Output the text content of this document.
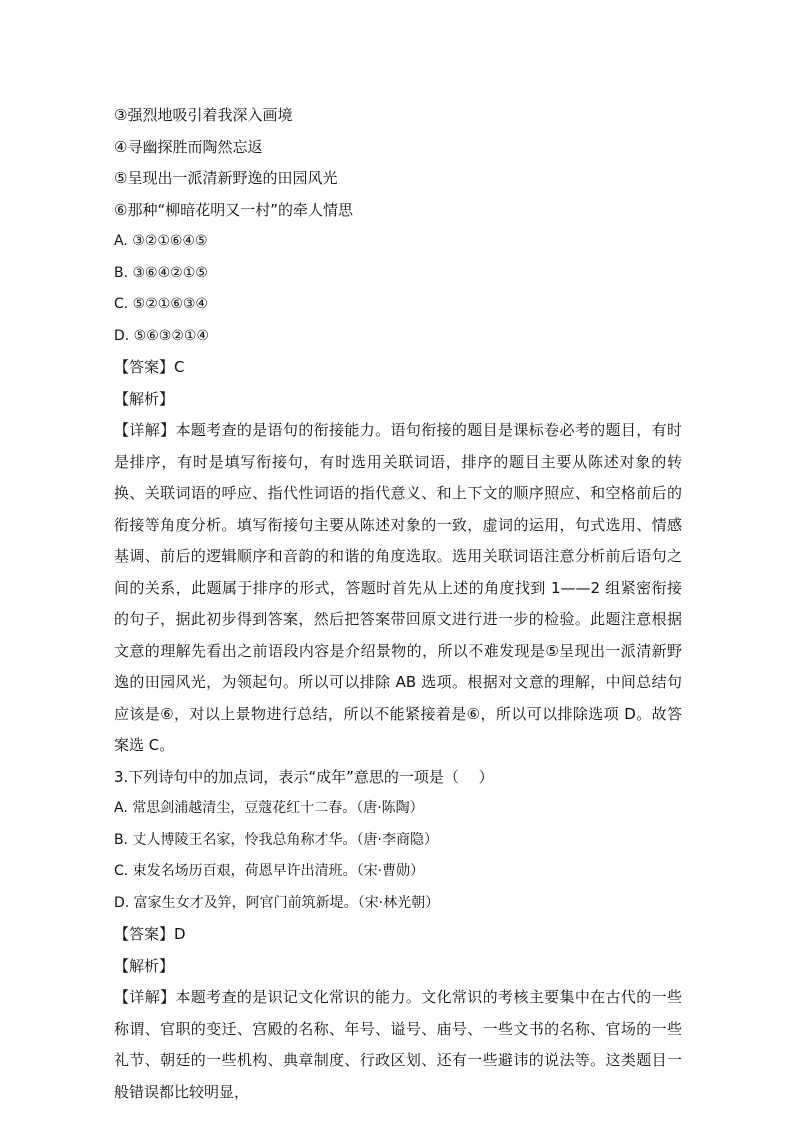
③强烈地吸引着我深入画境
④寻幽探胜而陶然忘返
⑤呈现出一派清新野逸的田园风光
⑥那种“柳暗花明又一村”的牵人情思
A. ③②①⑥④⑤
B. ③⑥④②①⑤
C. ⑤②①⑥③④
D. ⑤⑥③②①④
【答案】C
【解析】

【详解】本题考查的是语句的衔接能力。语句衔接的题目是课标卷必考的题目，有时是排序，有时是填写衔接句，有时选用关联词语，排序的题目主要从陈述对象的转换、关联词语的呼应、指代性词语的指代意义、和上下文的顺序照应、和空格前后的衔接等角度分析。填写衔接句主要从陈述对象的一致，虚词的运用，句式选用、情感基调、前后的逻辑顺序和音韵的和谐的角度选取。选用关联词语注意分析前后语句之间的关系，此题属于排序的形式，答题时首先从上述的角度找到 1——2 组紧密衔接的句子，据此初步得到答案，然后把答案带回原文进行进一步的检验。此题注意根据文意的理解先看出之前语段内容是介绍景物的，所以不难发现是⑤呈现出一派清新野逸的田园风光，为领起句。所以可以排除 AB 选项。根据对文意的理解，中间总结句应该是⑥，对以上景物进行总结，所以不能紧接着是⑥，所以可以排除选项 D。故答案选 C。

3.下列诗句中的加点词，表示“成年”意思的一项是（　 ）
A. 常思剑浦越清尘，豆蔻花红十二春。（唐·陈陶）
B. 丈人博陵王名家，怜我总角称才华。（唐·李商隐）
C. 束发名场历百艰，荷恩早许出清班。（宋·曹勋）
D. 富家生女才及笄，阿官门前筑新堤。（宋·林光朝）
【答案】D
【解析】

【详解】本题考查的是识记文化常识的能力。文化常识的考核主要集中在古代的一些称谓、官职的变迁、宫殿的名称、年号、谥号、庙号、一些文书的名称、官场的一些礼节、朝廷的一些机构、典章制度、行政区划、还有一些避讳的说法等。这类题目一般错误都比较明显，
